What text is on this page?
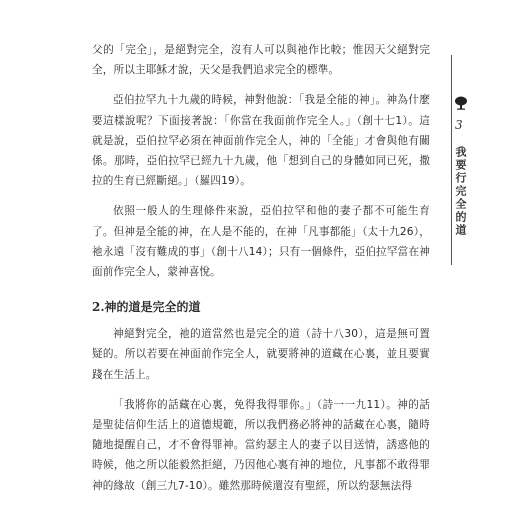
父的「完全」，是絕對完全，沒有人可以與祂作比較；惟因天父絕對完全，所以主耶穌才說，天父是我們追求完全的標準。

亞伯拉罕九十九歲的時候，神對他說：「我是全能的神」。神為什麼要這樣說呢？下面接著說：「你當在我面前作完全人。」（創十七1）。這就是說，亞伯拉罕必須在神面前作完全人，神的「全能」才會與他有關係。那時，亞伯拉罕已經九十九歲，他「想到自己的身體如同已死，撒拉的生育已經斷絕。」（羅四19）。

依照一般人的生理條件來說，亞伯拉罕和他的妻子都不可能生育了。但神是全能的神，在人是不能的，在神「凡事都能」（太十九26），祂永遠「沒有難成的事」（創十八14）；只有一個條件，亞伯拉罕當在神面前作完全人，蒙神喜悅。

2.神的道是完全的道

神絕對完全，祂的道當然也是完全的道（詩十八30），這是無可置疑的。所以若要在神面前作完全人，就要將神的道藏在心裏，並且要實踐在生活上。

「我將你的話藏在心裏，免得我得罪你。」（詩一一九11）。神的話是聖徒信仰生活上的道德規範，所以我們務必將神的話藏在心裏，隨時隨地提醒自己，才不會得罪神。當約瑟主人的妻子以目送情，誘惑他的時候，他之所以能毅然拒絕，乃因他心裏有神的地位，凡事都不敢得罪神的緣故（創三九7-10）。雖然那時候還沒有聖經，所以約瑟無法得

3
我要行完全的道
